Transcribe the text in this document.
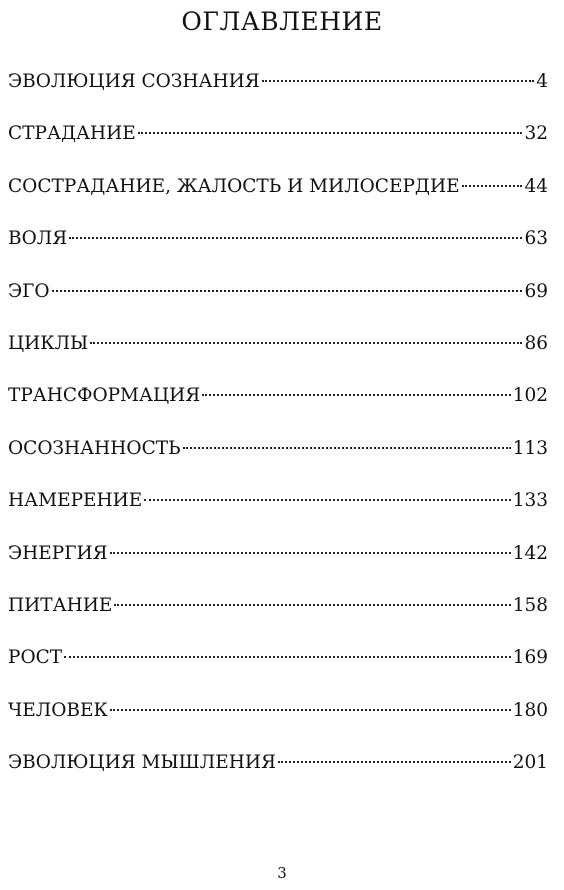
ОГЛАВЛЕНИЕ
ЭВОЛЮЦИЯ СОЗНАНИЯ	4
СТРАДАНИЕ	32
СОСТРАДАНИЕ, ЖАЛОСТЬ И МИЛОСЕРДИЕ	44
ВОЛЯ	63
ЭГО	69
ЦИКЛЫ	86
ТРАНСФОРМАЦИЯ	102
ОСОЗНАННОСТЬ	113
НАМЕРЕНИЕ	133
ЭНЕРГИЯ	142
ПИТАНИЕ	158
РОСТ	169
ЧЕЛОВЕК	180
ЭВОЛЮЦИЯ МЫШЛЕНИЯ	201
3
